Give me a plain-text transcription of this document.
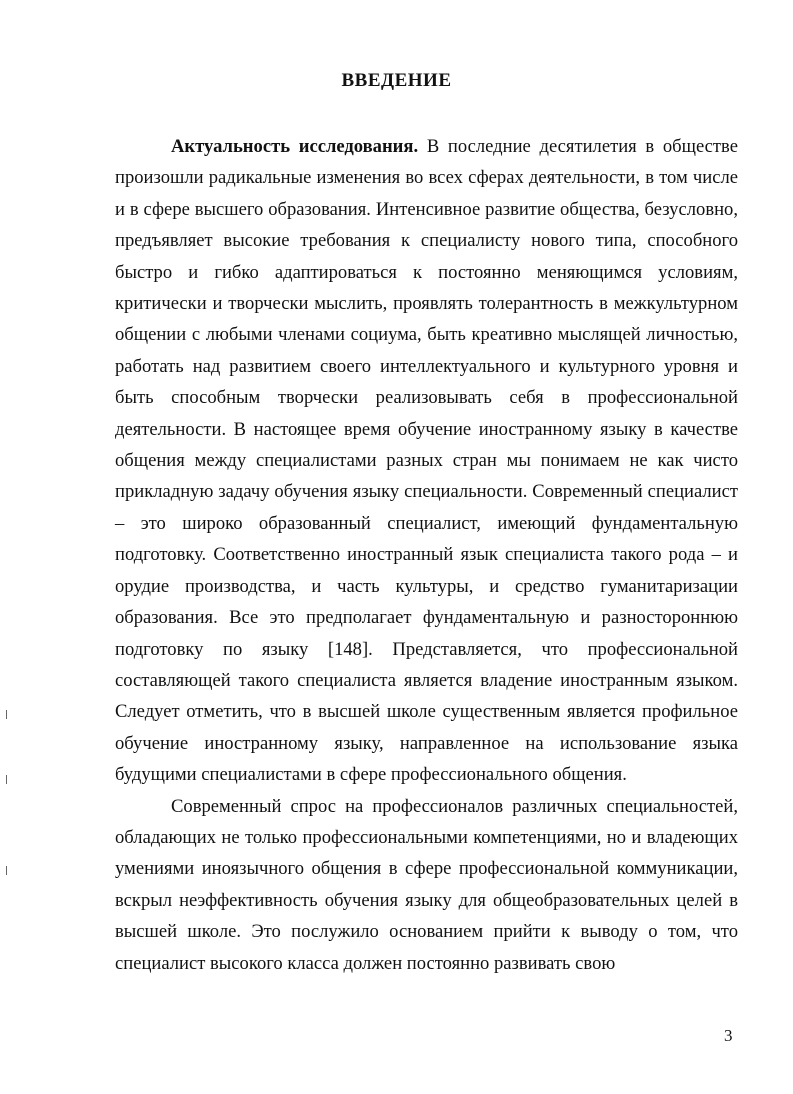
ВВЕДЕНИЕ

Актуальность исследования. В последние десятилетия в обществе произошли радикальные изменения во всех сферах деятельности, в том числе и в сфере высшего образования. Интенсивное развитие общества, безусловно, предъявляет высокие требования к специалисту нового типа, способного быстро и гибко адаптироваться к постоянно меняющимся условиям, критически и творчески мыслить, проявлять толерантность в межкультурном общении с любыми членами социума, быть креативно мыслящей личностью, работать над развитием своего интеллектуального и культурного уровня и быть способным творчески реализовывать себя в профессиональной деятельности. В настоящее время обучение иностранному языку в качестве общения между специалистами разных стран мы понимаем не как чисто прикладную задачу обучения языку специальности. Современный специалист – это широко образованный специалист, имеющий фундаментальную подготовку. Соответственно иностранный язык специалиста такого рода – и орудие производства, и часть культуры, и средство гуманитаризации образования. Все это предполагает фундаментальную и разностороннюю подготовку по языку [148]. Представляется, что профессиональной составляющей такого специалиста является владение иностранным языком. Следует отметить, что в высшей школе существенным является профильное обучение иностранному языку, направленное на использование языка будущими специалистами в сфере профессионального общения.

Современный спрос на профессионалов различных специальностей, обладающих не только профессиональными компетенциями, но и владеющих умениями иноязычного общения в сфере профессиональной коммуникации, вскрыл неэффективность обучения языку для общеобразовательных целей в высшей школе. Это послужило основанием прийти к выводу о том, что специалист высокого класса должен постоянно развивать свою

3
